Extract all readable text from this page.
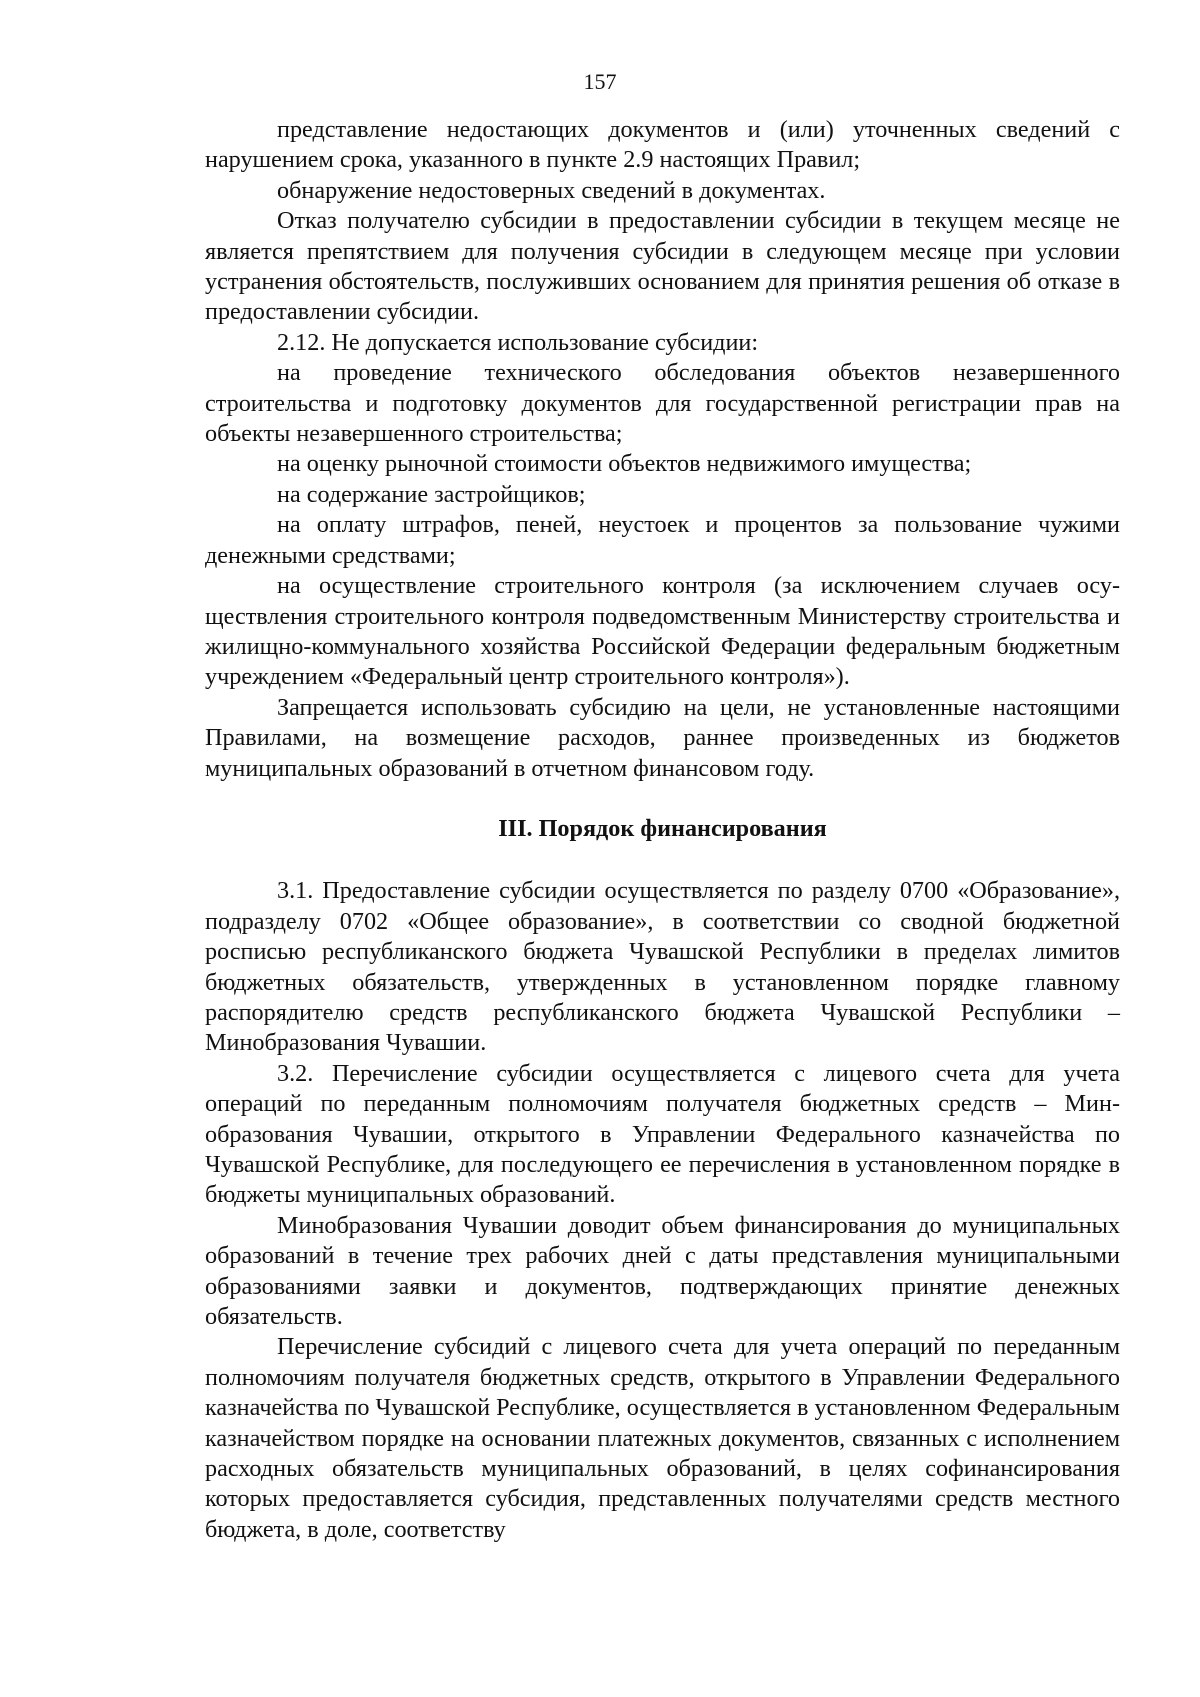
157

представление недостающих документов и (или) уточненных сведений с нарушением срока, указанного в пункте 2.9 настоящих Правил;

обнаружение недостоверных сведений в документах.

Отказ получателю субсидии в предоставлении субсидии в текущем месяце не является препятствием для получения субсидии в следующем месяце при условии устранения обстоятельств, послуживших основанием для принятия решения об отказе в предоставлении субсидии.

2.12. Не допускается использование субсидии:

на проведение технического обследования объектов незавершенного строительства и подготовку документов для государственной регистрации прав на объекты незавершенного строительства;

на оценку рыночной стоимости объектов недвижимого имущества;

на содержание застройщиков;

на оплату штрафов, пеней, неустоек и процентов за пользование чужими денежными средствами;

на осуществление строительного контроля (за исключением случаев осуществления строительного контроля подведомственным Министерству строительства и жилищно-коммунального хозяйства Российской Федерации федеральным бюджетным учреждением «Федеральный центр строительного контроля»).

Запрещается использовать субсидию на цели, не установленные настоящими Правилами, на возмещение расходов, раннее произведенных из бюджетов муниципальных образований в отчетном финансовом году.

III. Порядок финансирования

3.1. Предоставление субсидии осуществляется по разделу 0700 «Образование», подразделу 0702 «Общее образование», в соответствии со сводной бюджетной росписью республиканского бюджета Чувашской Республики в пределах лимитов бюджетных обязательств, утвержденных в установленном порядке главному распорядителю средств республиканского бюджета Чувашской Республики – Минобразования Чувашии.

3.2. Перечисление субсидии осуществляется с лицевого счета для учета операций по переданным полномочиям получателя бюджетных средств – Минобразования Чувашии, открытого в Управлении Федерального казначейства по Чувашской Республике, для последующего ее перечисления в установленном порядке в бюджеты муниципальных образований.

Минобразования Чувашии доводит объем финансирования до муниципальных образований в течение трех рабочих дней с даты представления муниципальными образованиями заявки и документов, подтверждающих принятие денежных обязательств.

Перечисление субсидий с лицевого счета для учета операций по переданным полномочиям получателя бюджетных средств, открытого в Управлении Федерального казначейства по Чувашской Республике, осуществляется в установленном Федеральным казначейством порядке на основании платежных документов, связанных с исполнением расходных обязательств муниципальных образований, в целях софинансирования которых предоставляется субсидия, представленных получателями средств местного бюджета, в доле, соответству
